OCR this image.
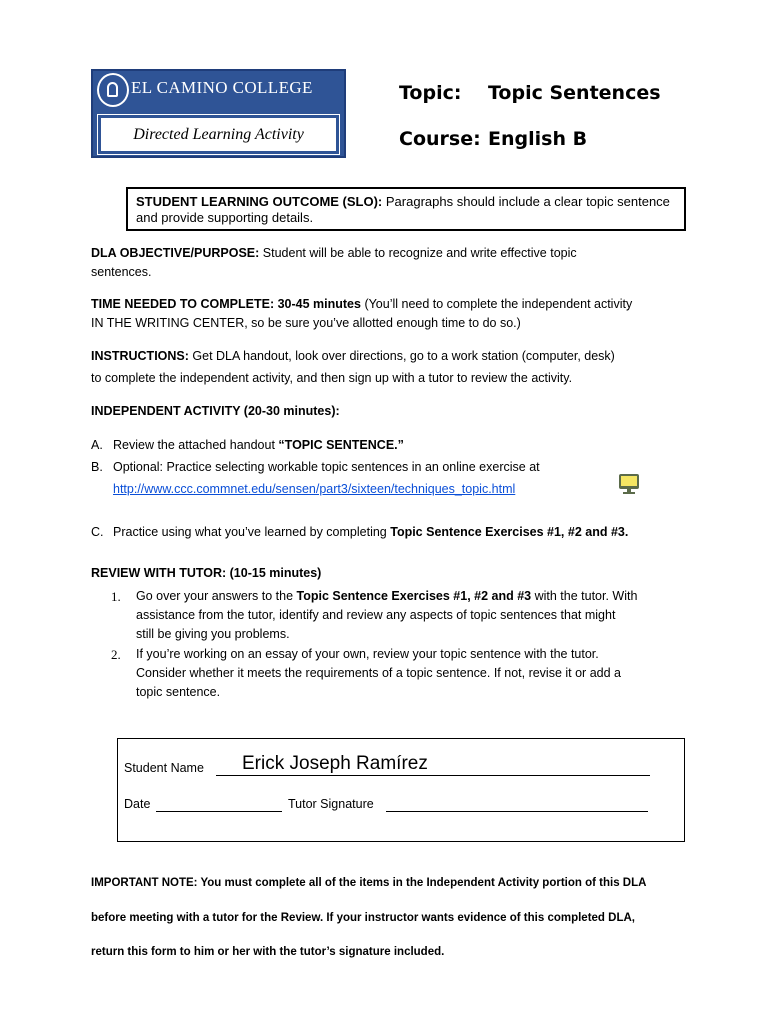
EL CAMINO COLLEGE
Directed Learning Activity
Topic: Topic Sentences
Course: English B
STUDENT LEARNING OUTCOME (SLO): Paragraphs should include a clear topic sentence
and provide supporting details.
DLA OBJECTIVE/PURPOSE: Student will be able to recognize and write effective topic
sentences.
TIME NEEDED TO COMPLETE: 30-45 minutes (You’ll need to complete the independent activity
IN THE WRITING CENTER, so be sure you’ve allotted enough time to do so.)
INSTRUCTIONS: Get DLA handout, look over directions, go to a work station (computer, desk)
to complete the independent activity, and then sign up with a tutor to review the activity.
INDEPENDENT ACTIVITY (20-30 minutes):
A. Review the attached handout “TOPIC SENTENCE.”
B. Optional: Practice selecting workable topic sentences in an online exercise at
http://www.ccc.commnet.edu/sensen/part3/sixteen/techniques_topic.html
C. Practice using what you’ve learned by completing Topic Sentence Exercises #1, #2 and #3.
REVIEW WITH TUTOR: (10-15 minutes)
1. Go over your answers to the Topic Sentence Exercises #1, #2 and #3 with the tutor. With
assistance from the tutor, identify and review any aspects of topic sentences that might
still be giving you problems.
2. If you’re working on an essay of your own, review your topic sentence with the tutor.
Consider whether it meets the requirements of a topic sentence. If not, revise it or add a
topic sentence.
Student Name Erick Joseph Ramírez
Date	Tutor Signature
IMPORTANT NOTE: You must complete all of the items in the Independent Activity portion of this DLA
before meeting with a tutor for the Review. If your instructor wants evidence of this completed DLA,
return this form to him or her with the tutor’s signature included.
